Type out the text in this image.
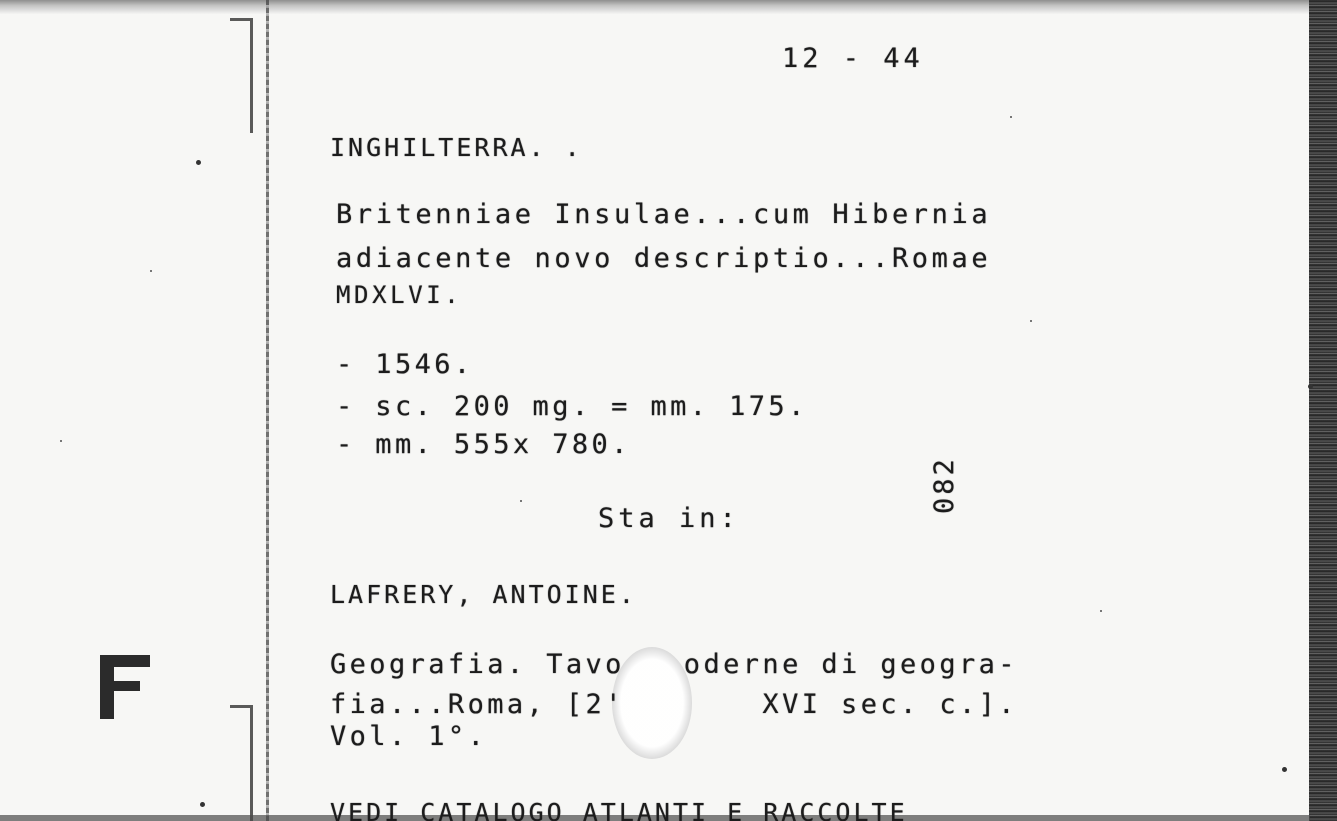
12 - 44
INGHILTERRA. .
Britenniae Insulae...cum Hibernia
adiacente novo descriptio...Romae
MDXLVI.
- 1546.
- sc. 200 mg. = mm. 175.
- mm. 555x 780.
082
Sta in:
LAFRERY, ANTOINE.
Geografia. Tavo   oderne di geogra-
fia...Roma, [2'       XVI sec. c.].
Vol. 1°.
VEDI CATALOGO ATLANTI E RACCOLTE
